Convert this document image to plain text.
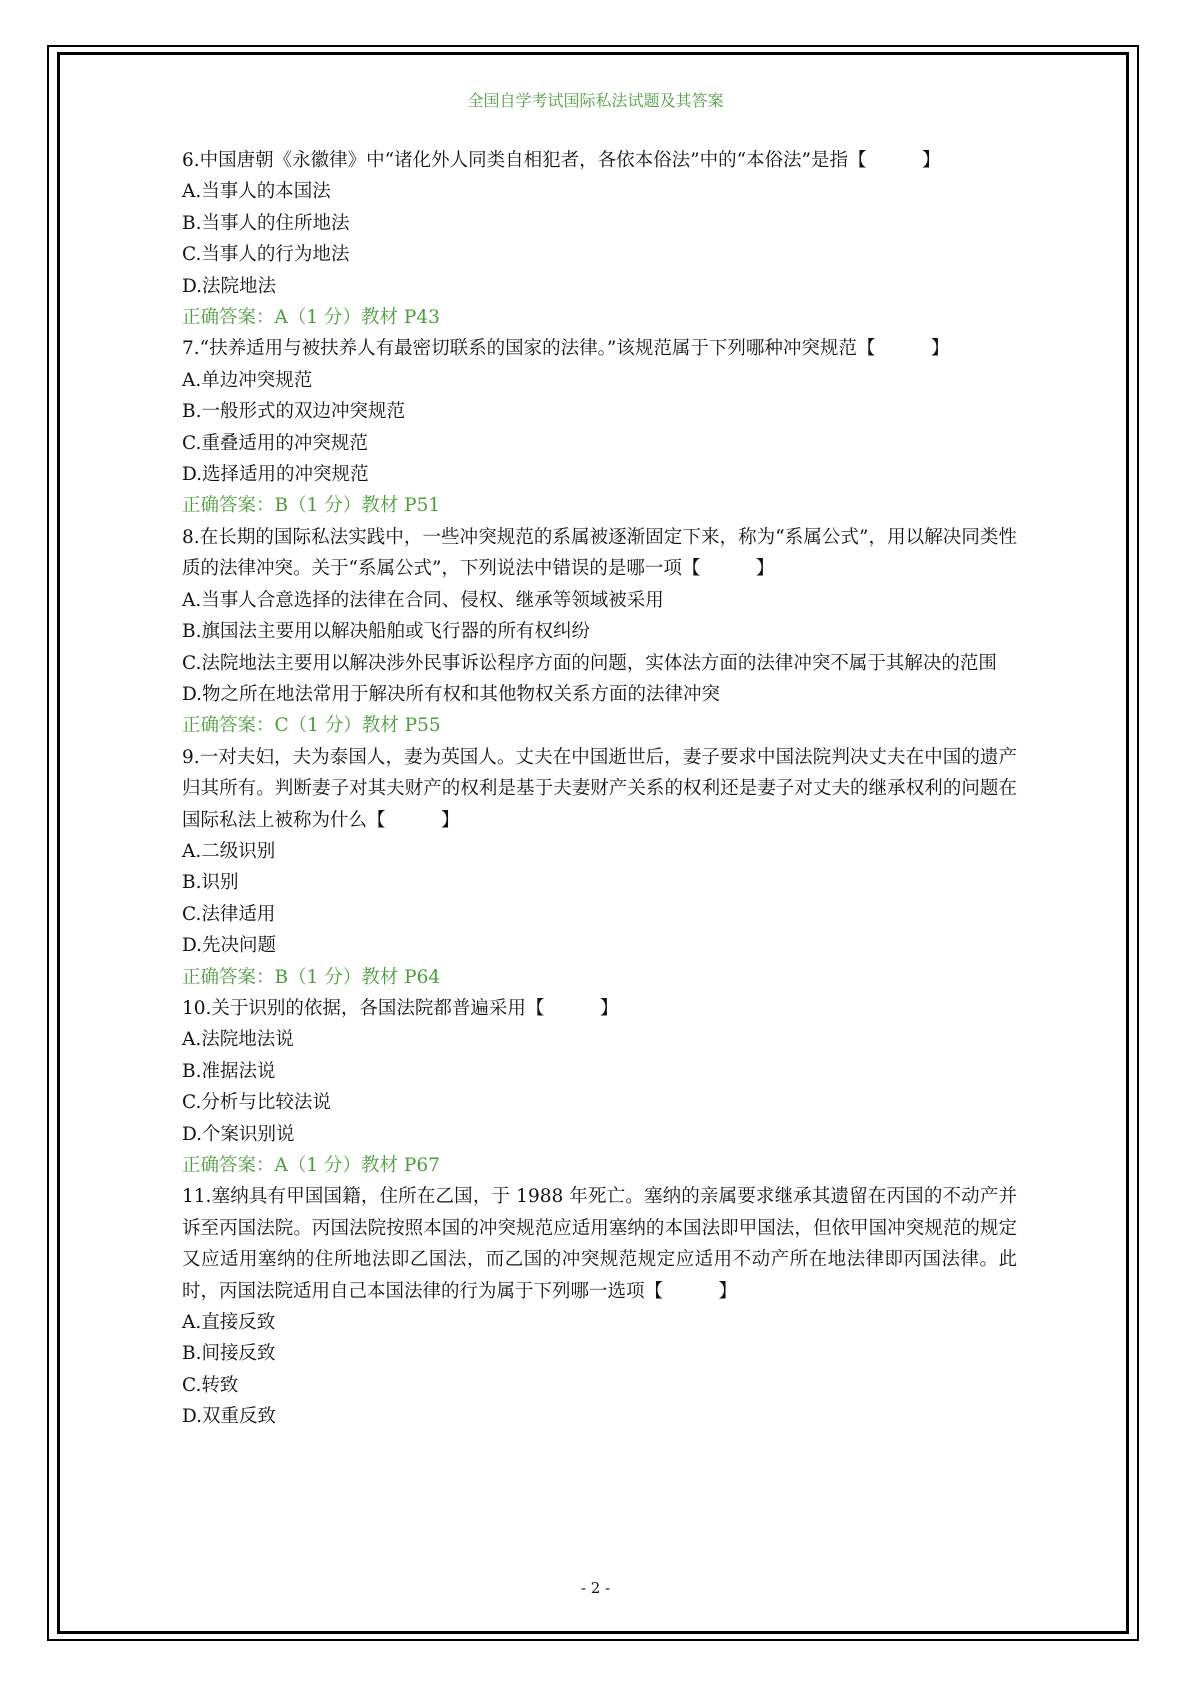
全国自学考试国际私法试题及其答案
6.中国唐朝《永徽律》中“诸化外人同类自相犯者，各依本俗法”中的“本俗法”是指【　　　】
A.当事人的本国法
B.当事人的住所地法
C.当事人的行为地法
D.法院地法
正确答案：A（1 分）教材 P43
7.“扶养适用与被扶养人有最密切联系的国家的法律。”该规范属于下列哪种冲突规范【　　　】
A.单边冲突规范
B.一般形式的双边冲突规范
C.重叠适用的冲突规范
D.选择适用的冲突规范
正确答案：B（1 分）教材 P51
8.在长期的国际私法实践中，一些冲突规范的系属被逐渐固定下来，称为“系属公式”，用以解决同类性质的法律冲突。关于“系属公式”，下列说法中错误的是哪一项【　　　】
A.当事人合意选择的法律在合同、侵权、继承等领域被采用
B.旗国法主要用以解决船舶或飞行器的所有权纠纷
C.法院地法主要用以解决涉外民事诉讼程序方面的问题，实体法方面的法律冲突不属于其解决的范围
D.物之所在地法常用于解决所有权和其他物权关系方面的法律冲突
正确答案：C（1 分）教材 P55
9.一对夫妇，夫为泰国人，妻为英国人。丈夫在中国逝世后，妻子要求中国法院判决丈夫在中国的遗产归其所有。判断妻子对其夫财产的权利是基于夫妻财产关系的权利还是妻子对丈夫的继承权利的问题在国际私法上被称为什么【　　　】
A.二级识别
B.识别
C.法律适用
D.先决问题
正确答案：B（1 分）教材 P64
10.关于识别的依据，各国法院都普遍采用【　　　】
A.法院地法说
B.准据法说
C.分析与比较法说
D.个案识别说
正确答案：A（1 分）教材 P67
11.塞纳具有甲国国籍，住所在乙国，于 1988 年死亡。塞纳的亲属要求继承其遗留在丙国的不动产并诉至丙国法院。丙国法院按照本国的冲突规范应适用塞纳的本国法即甲国法，但依甲国冲突规范的规定又应适用塞纳的住所地法即乙国法，而乙国的冲突规范规定应适用不动产所在地法律即丙国法律。此时，丙国法院适用自己本国法律的行为属于下列哪一选项【　　　】
A.直接反致
B.间接反致
C.转致
D.双重反致
- 2 -
